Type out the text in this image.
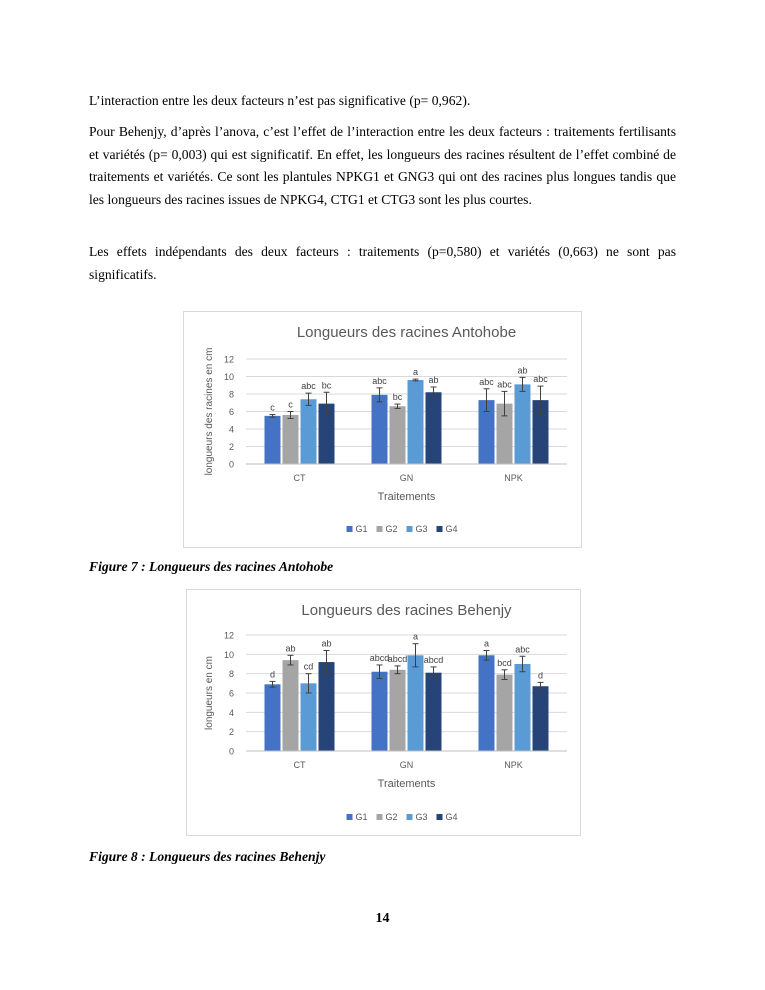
L’interaction entre les deux facteurs n’est pas significative (p= 0,962).

Pour Behenjy, d’après l’anova, c’est l’effet de l’interaction entre les deux facteurs : traitements fertilisants et variétés (p= 0,003) qui est significatif. En effet, les longueurs des racines résultent de l’effet combiné de traitements et variétés. Ce sont les plantules NPKG1 et GNG3 qui ont des racines plus longues tandis que les longueurs des racines issues de NPKG4, CTG1 et CTG3 sont les plus courtes.

Les effets indépendants des deux facteurs : traitements (p=0,580) et variétés (0,663) ne sont pas significatifs.

Longueurs des racines Antohobe
0
2
4
6
8
10
12
longueurs des racines en cm	c c
abc bc
CT
abc
bc
a
ab
GN
abc abc
ab
abc
NPK
Traitements
G1 G2 G3 G4

Figure 7 : Longueurs des racines Antohobe

Longueurs des racines Behenjy
0
2
4
6
8
10
12
longueurs en cm	d
ab
cd
ab
CT
abcd
abcd
a
abcd
GN
a
bcd
abc
d
NPK
Traitements
G1 G2 G3 G4

Figure 8 : Longueurs des racines Behenjy

14
